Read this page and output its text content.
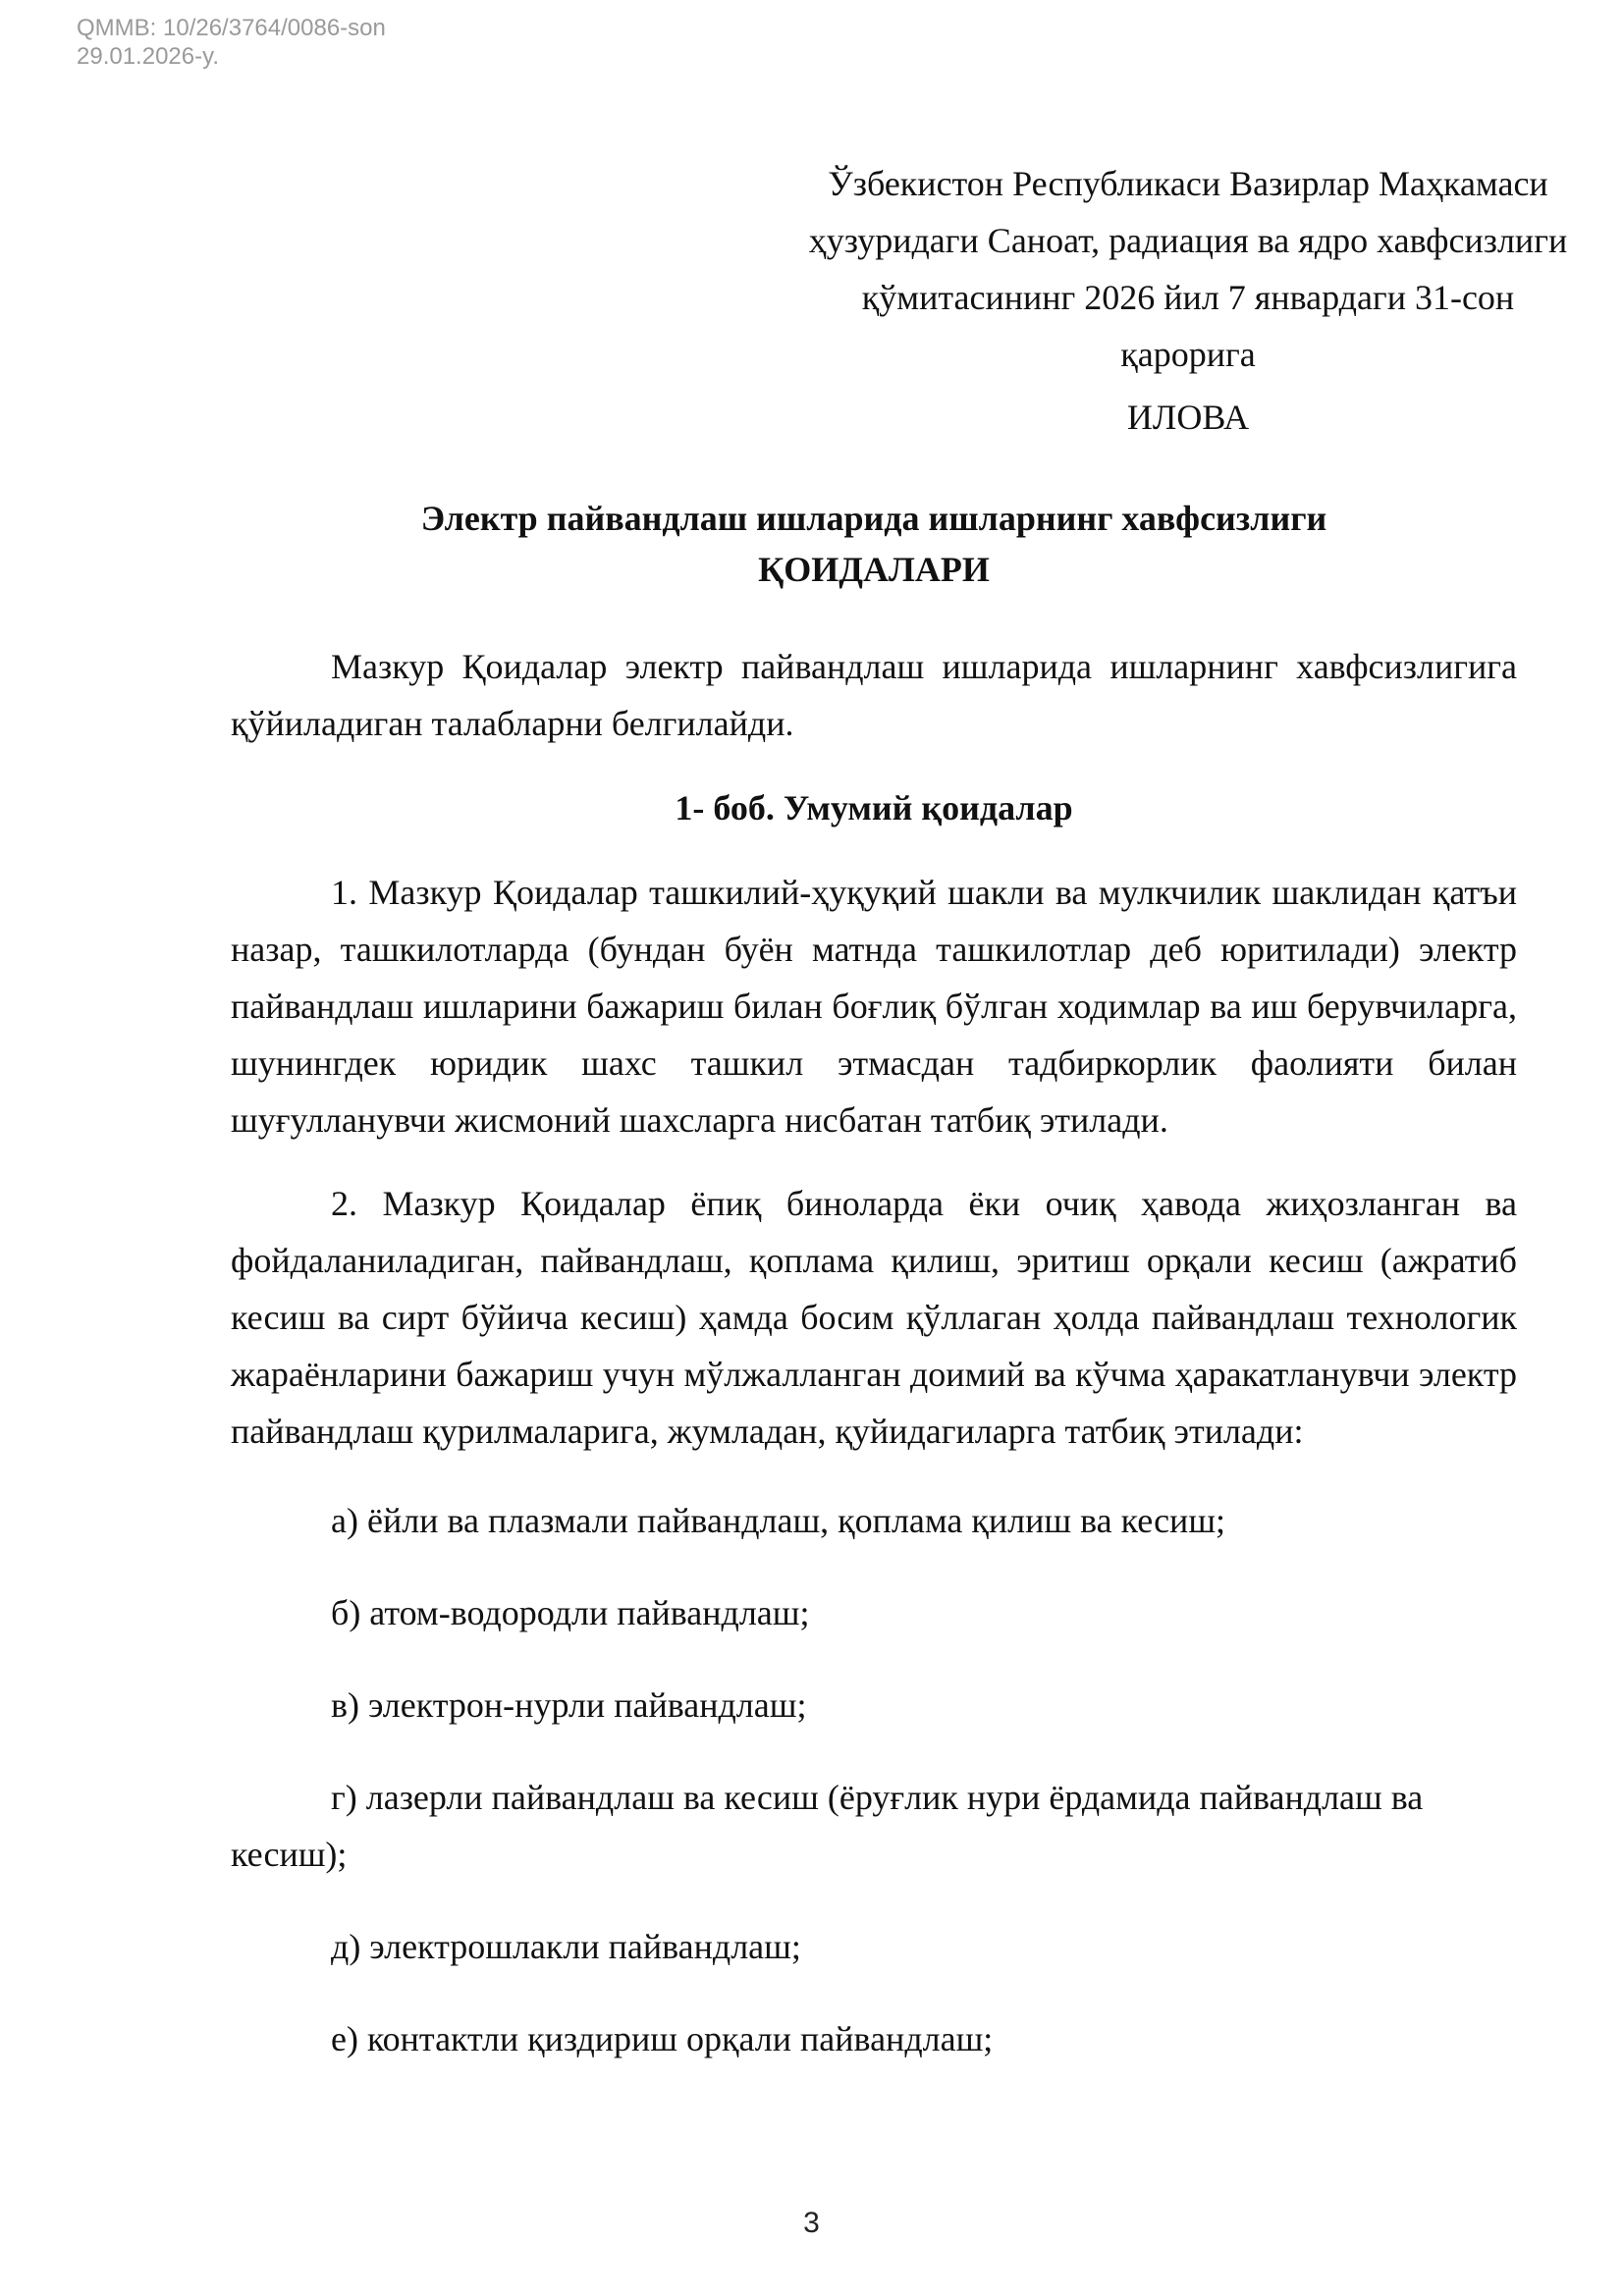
QMMB: 10/26/3764/0086-son
29.01.2026-y.
Ўзбекистон Республикаси Вазирлар Маҳкамаси
ҳузуридаги Саноат, радиация ва ядро хавфсизлиги
қўмитасининг 2026 йил 7 январдаги 31-сон
қарорига
ИЛОВА
Электр пайвандлаш ишларида ишларнинг хавфсизлиги
ҚОИДАЛАРИ

Мазкур Қоидалар электр пайвандлаш ишларида ишларнинг хавфсизлигига қўйиладиган талабларни белгилайди.

1- боб. Умумий қоидалар

1. Мазкур Қоидалар ташкилий-ҳуқуқий шакли ва мулкчилик шаклидан қатъи назар, ташкилотларда (бундан буён матнда ташкилотлар деб юритилади) электр пайвандлаш ишларини бажариш билан боғлиқ бўлган ходимлар ва иш берувчиларга, шунингдек юридик шахс ташкил этмасдан тадбиркорлик фаолияти билан шуғулланувчи жисмоний шахсларга нисбатан татбиқ этилади.

2. Мазкур Қоидалар ёпиқ биноларда ёки очиқ ҳавода жиҳозланган ва фойдаланиладиган, пайвандлаш, қоплама қилиш, эритиш орқали кесиш (ажратиб кесиш ва сирт бўйича кесиш) ҳамда босим қўллаган ҳолда пайвандлаш технологик жараёнларини бажариш учун мўлжалланган доимий ва кўчма ҳаракатланувчи электр пайвандлаш қурилмаларига, жумладан, қуйидагиларга татбиқ этилади:

а) ёйли ва плазмали пайвандлаш, қоплама қилиш ва кесиш;

б) атом-водородли пайвандлаш;

в) электрон-нурли пайвандлаш;

г) лазерли пайвандлаш ва кесиш (ёруғлик нури ёрдамида пайвандлаш ва кесиш);

д) электрошлакли пайвандлаш;

е) контактли қиздириш орқали пайвандлаш;

3
